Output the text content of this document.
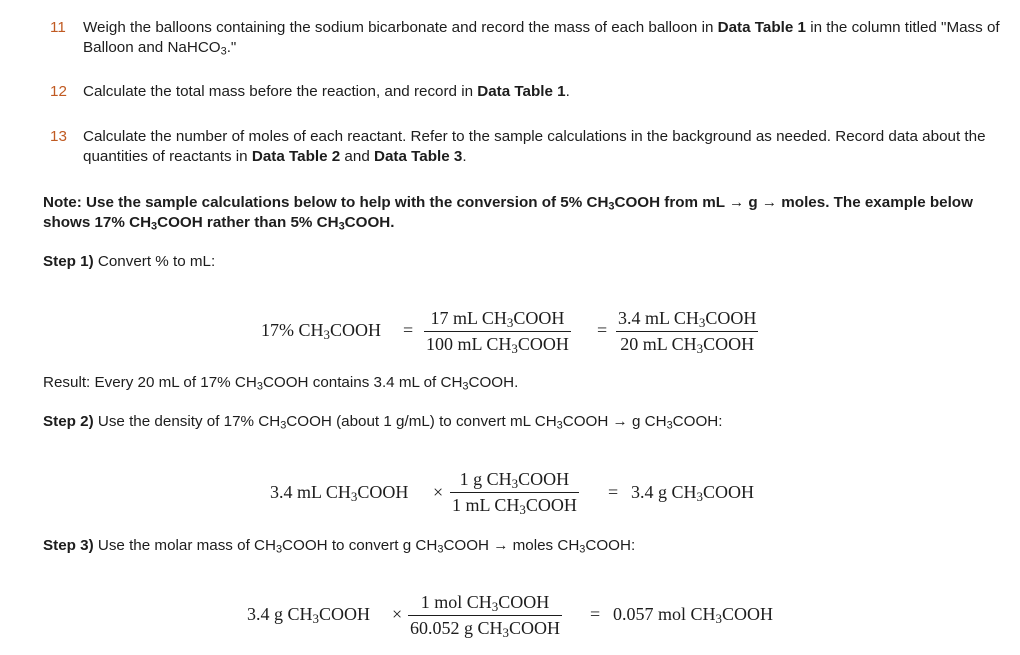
11	Weigh the balloons containing the sodium bicarbonate and record the mass of each balloon in Data Table 1 in the column titled "Mass of Balloon and NaHCO$_3$."
12	Calculate the total mass before the reaction, and record in Data Table 1.
13	Calculate the number of moles of each reactant. Refer to the sample calculations in the background as needed. Record data about the quantities of reactants in Data Table 2 and Data Table 3.
Note: Use the sample calculations below to help with the conversion of 5% $CH_3COOH$ from mL → g → moles. The example below shows 17% $CH_3COOH$ rather than 5% $CH_3COOH$.
Step 1) Convert % to mL:
17% $CH_3COOH$ =
17 mL $CH_3COOH$
100 mL $CH_3COOH$
=
3.4 mL $CH_3COOH$
20 mL $CH_3COOH$
Result: Every 20 mL of 17% $CH_3COOH$ contains 3.4 mL of $CH_3COOH$.
Step 2) Use the density of 17% $CH_3COOH$ (about 1 g/mL) to convert mL $CH_3COOH \to g$ $CH_3COOH$:
3.4 mL $CH_3COOH$ ×
1 g $CH_3COOH$
1 mL $CH_3COOH$
= 3.4 g $CH_3COOH$
Step 3) Use the molar mass of $CH_3COOH$ to convert g $CH_3COOH$ → moles $CH_3COOH$:
3.4 g $CH_3COOH$ ×
1 mol $CH_3COOH$
60.052 g $CH_3COOH$
= 0.057 mol $CH_3COOH$
